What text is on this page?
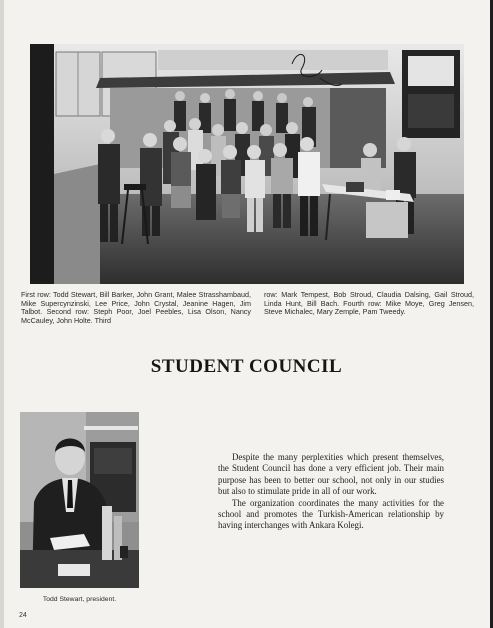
First row: Todd Stewart, Bill Barker, John Grant, Malee Strasshambaud, Mike Supercynzinski, Lee Price, John Crystal, Jeanine Hagen, Jim Talbot. Second row: Steph Poor, Joel Peebles, Lisa Olson, Nancy McCauley, John Holte. Third
row: Mark Tempest, Bob Stroud, Claudia Dalsing, Gail Stroud, Linda Hunt, Bill Bach. Fourth row: Mike Moye, Greg Jensen, Steve Michalec, Mary Zemple, Pam Tweedy.
STUDENT COUNCIL
Todd Stewart, president.

Despite the many perplexities which present themselves, the Student Council has done a very efficient job. Their main purpose has been to better our school, not only in our studies but also to stimulate pride in all of our work.

The organization coordinates the many activities for the school and promotes the Turkish-American relationship by having interchanges with Ankara Kolegi.

24
